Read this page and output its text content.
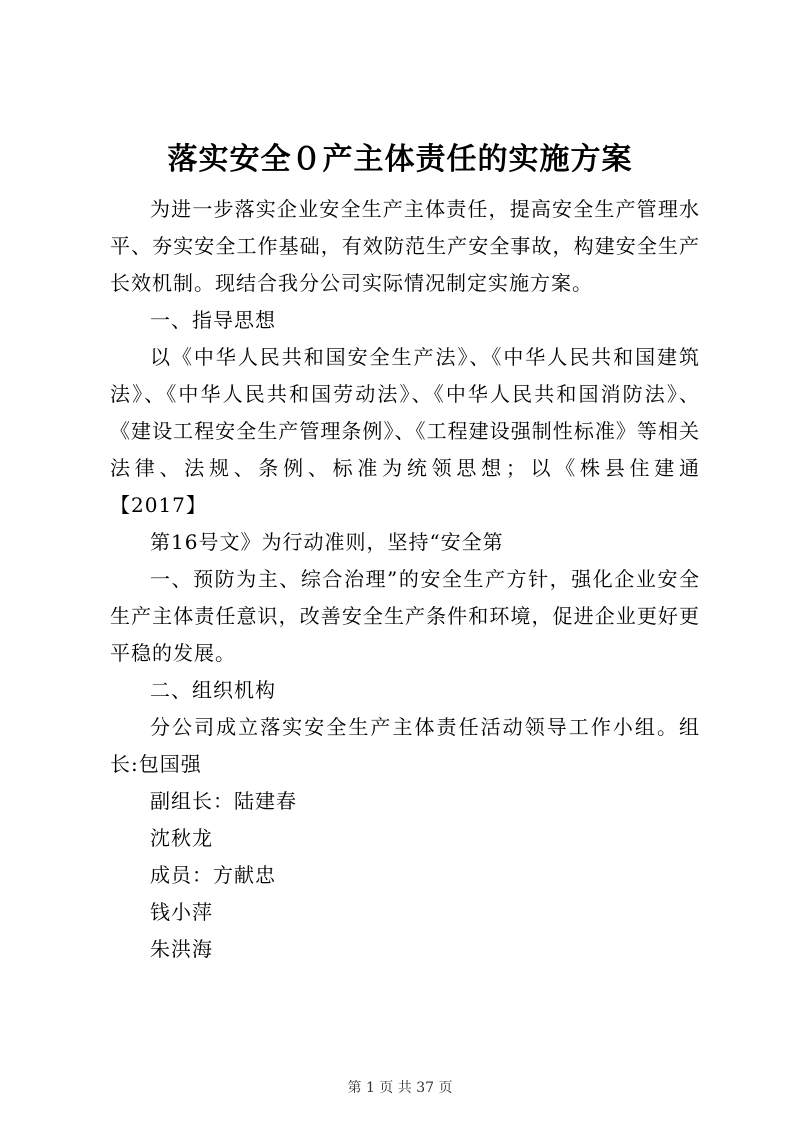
落实安全０产主体责任的实施方案

为进一步落实企业安全生产主体责任，提高安全生产管理水平、夯实安全工作基础，有效防范生产安全事故，构建安全生产长效机制。现结合我分公司实际情况制定实施方案。

一、指导思想

以《中华人民共和国安全生产法》、《中华人民共和国建筑法》、《中华人民共和国劳动法》、《中华人民共和国消防法》、《建设工程安全生产管理条例》、《工程建设强制性标准》等相关法律、法规、条例、标准为统领思想；以《株县住建通【2017】

第16号文》为行动准则，坚持“安全第

一、预防为主、综合治理”的安全生产方针，强化企业安全生产主体责任意识，改善安全生产条件和环境，促进企业更好更平稳的发展。

二、组织机构

分公司成立落实安全生产主体责任活动领导工作小组。组长:包国强

副组长：陆建春

沈秋龙

成员：方献忠

钱小萍

朱洪海

第 1 页 共 37 页
